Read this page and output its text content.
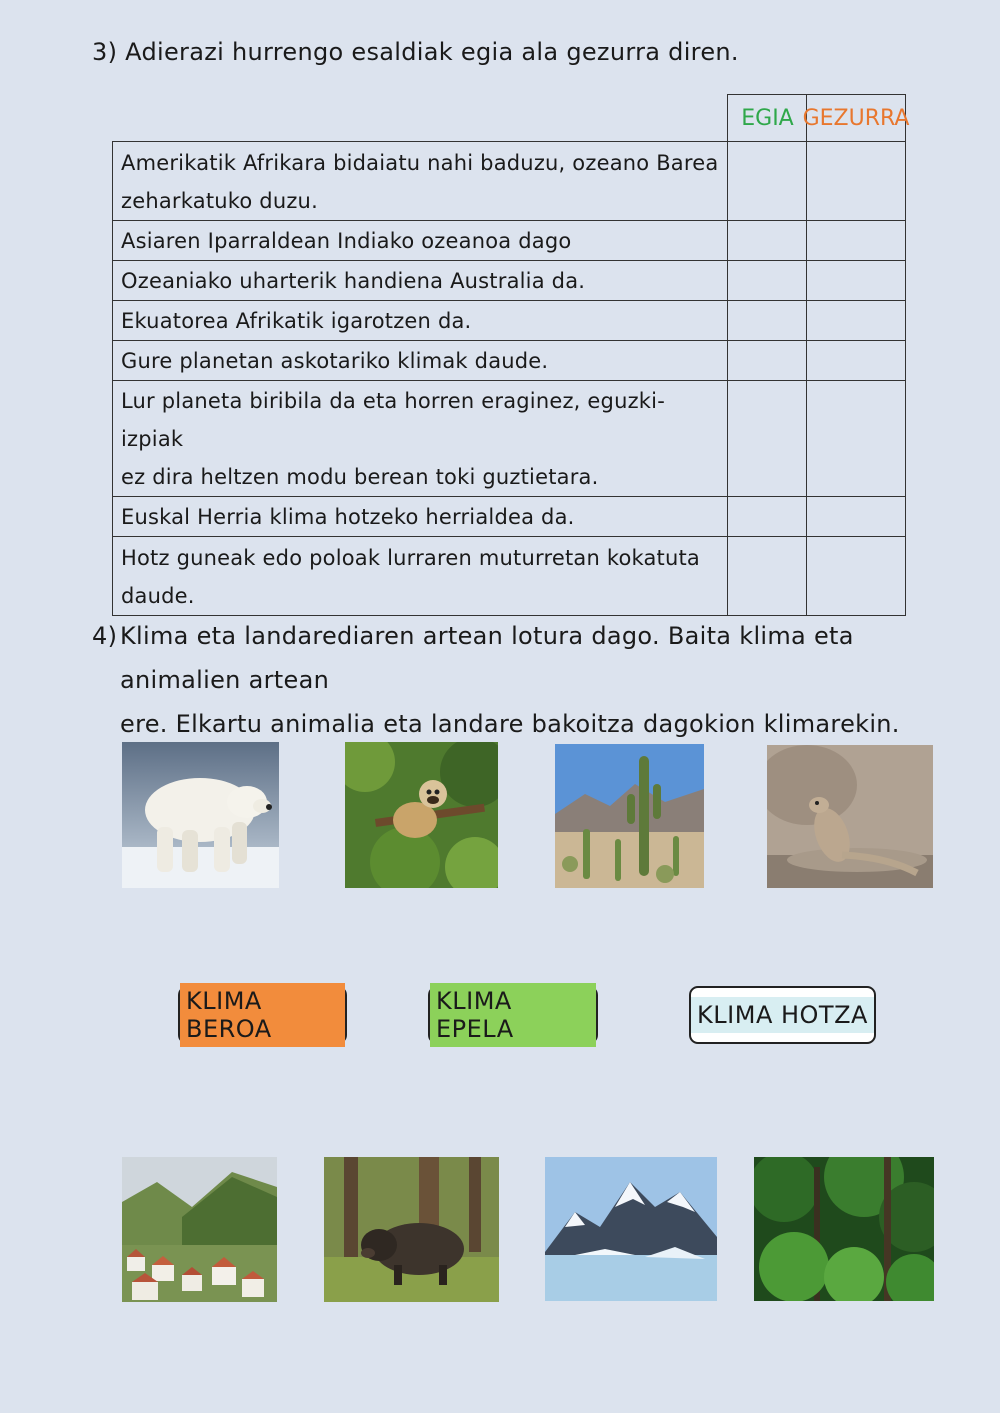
3) Adierazi hurrengo esaldiak egia ala gezurra diren.
EGIA GEZURRA
Amerikatik Afrikara bidaiatu nahi baduzu, ozeano Barea
zeharkatuko duzu.		

Asiaren Iparraldean Indiako ozeanoa dago		
Ozeaniako uharterik handiena Australia da.		
Ekuatorea Afrikatik igarotzen da.		
Gure planetan askotariko klimak daude.		

Lur planeta biribila da eta horren eraginez, eguzki-izpiak
ez dira heltzen modu berean toki guztietara.		

Euskal Herria klima hotzeko herrialdea da.		

Hotz guneak edo poloak lurraren muturretan kokatuta
daude.		

4) Klima eta landarediaren artean lotura dago. Baita klima eta animalien artean
ere. Elkartu animalia eta landare bakoitza dagokion klimarekin.
KLIMA BEROA
KLIMA EPELA	KLIMA HOTZA
